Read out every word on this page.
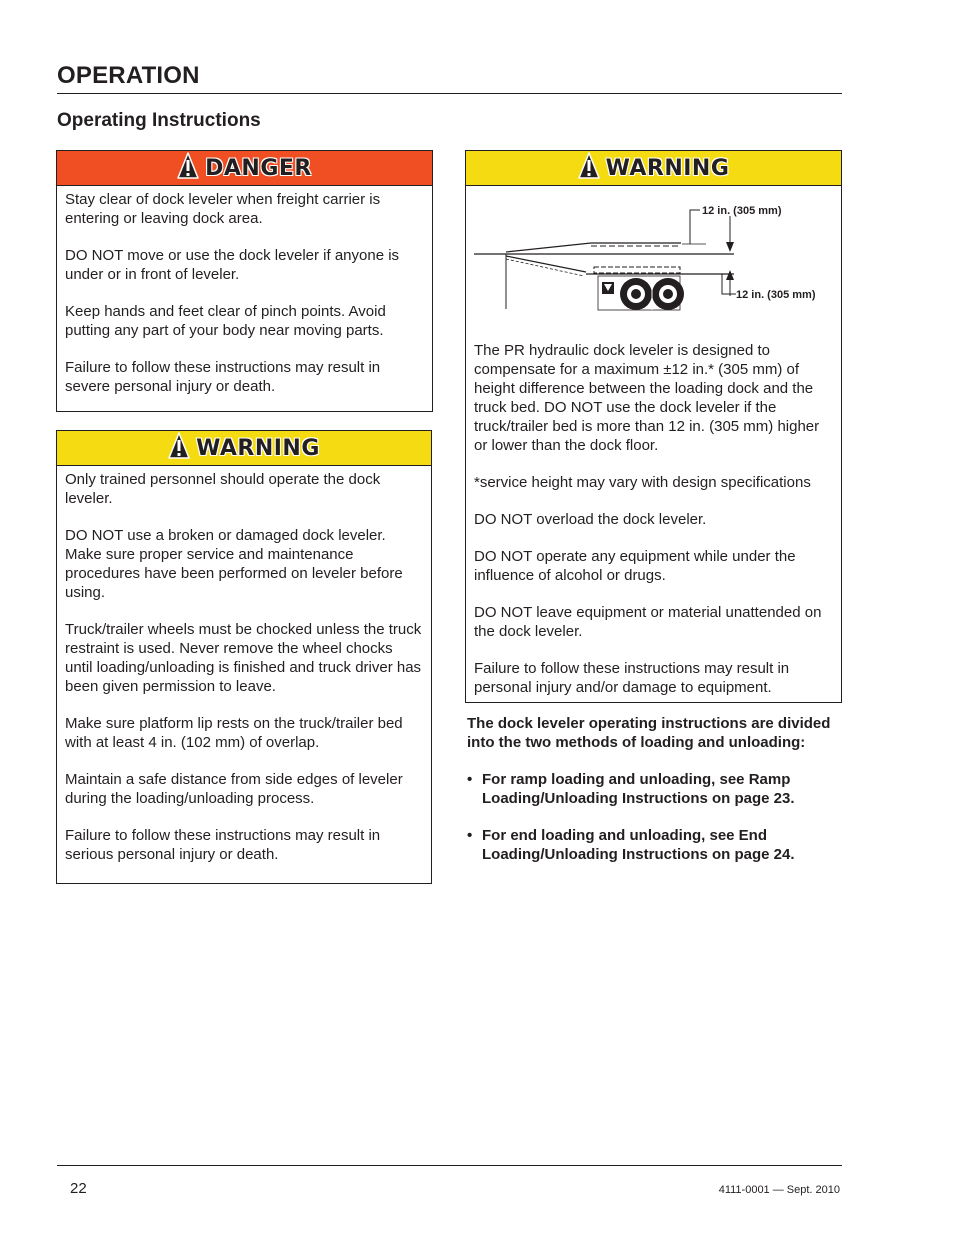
OPERATION
Operating Instructions
DANGER

Stay clear of dock leveler when freight carrier is entering or leaving dock area.

DO NOT move or use the dock leveler if anyone is under or in front of leveler.

Keep hands and feet clear of pinch points. Avoid putting any part of your body near moving parts.

Failure to follow these instructions may result in severe personal injury or death.

WARNING

Only trained personnel should operate the dock leveler.

DO NOT use a broken or damaged dock leveler. Make sure proper service and maintenance procedures have been performed on leveler before using.

Truck/trailer wheels must be chocked unless the truck restraint is used. Never remove the wheel chocks until loading/unloading is finished and truck driver has been given permission to leave.

Make sure platform lip rests on the truck/trailer bed with at least 4 in. (102 mm) of overlap.

Maintain a safe distance from side edges of leveler during the loading/unloading process.

Failure to follow these instructions may result in serious personal injury or death.

WARNING
12 in. (305 mm)
12 in. (305 mm)

The PR hydraulic dock leveler is designed to compensate for a maximum ±12 in.* (305 mm) of height difference between the loading dock and the truck bed. DO NOT use the dock leveler if the truck/trailer bed is more than 12 in. (305 mm) higher or lower than the dock floor.

*service height may vary with design specifications

DO NOT overload the dock leveler.

DO NOT operate any equipment while under the influence of alcohol or drugs.

DO NOT leave equipment or material unattended on the dock leveler.

Failure to follow these instructions may result in personal injury and/or damage to equipment.

The dock leveler operating instructions are divided into the two methods of loading and unloading:

• For ramp loading and unloading, see Ramp Loading/Unloading Instructions on page 23.
• For end loading and unloading, see End Loading/Unloading Instructions on page 24.
22	4111-0001 — Sept. 2010
